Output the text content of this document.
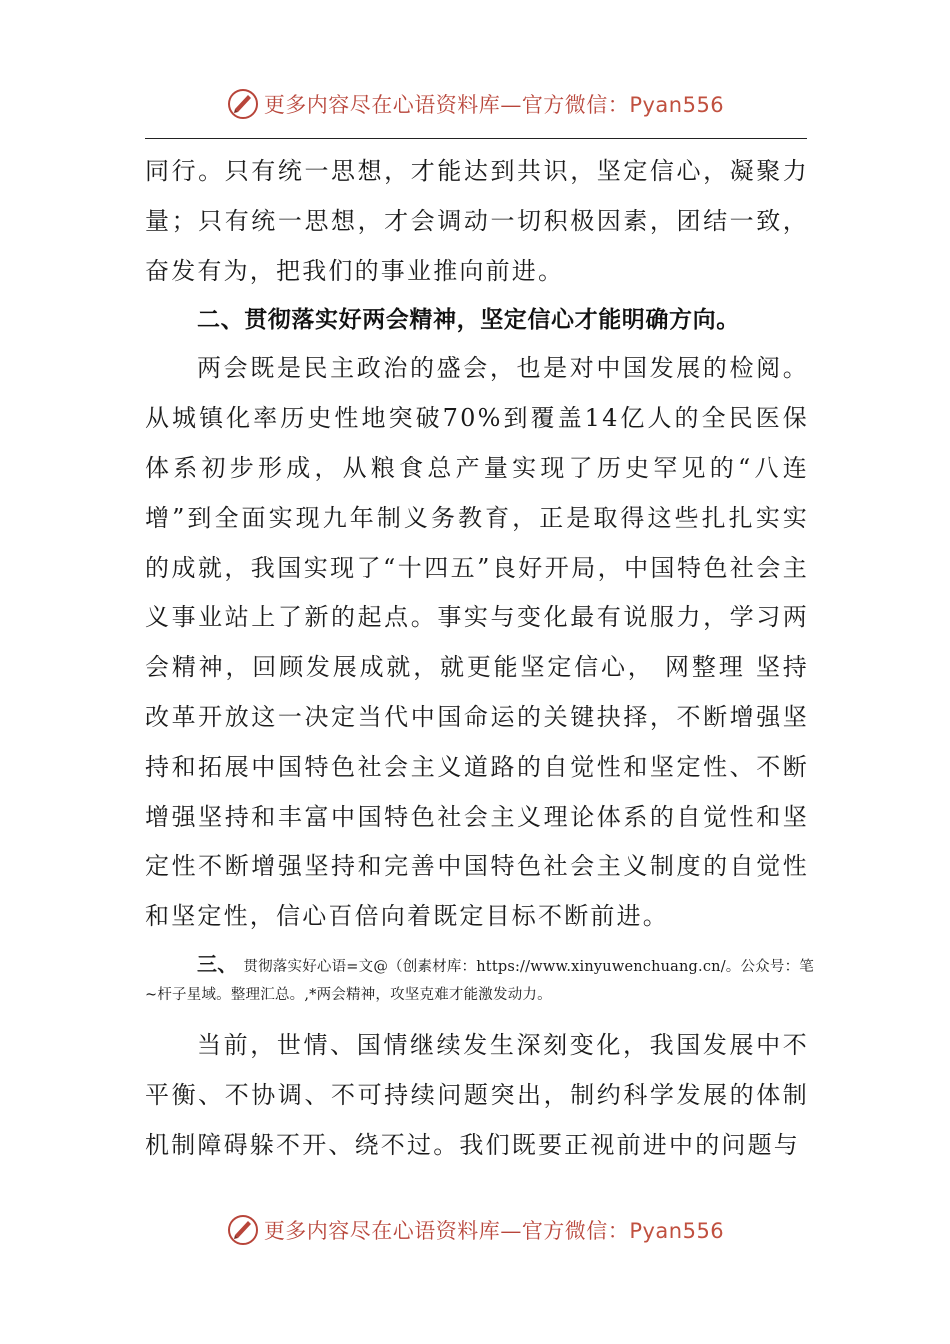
更多内容尽在心语资料库—官方微信：Pyan556

同行。只有统一思想，才能达到共识，坚定信心，凝聚力量；只有统一思想，才会调动一切积极因素，团结一致，奋发有为，把我们的事业推向前进。

二、贯彻落实好两会精神，坚定信心才能明确方向。

两会既是民主政治的盛会，也是对中国发展的检阅。从城镇化率历史性地突破70%到覆盖14亿人的全民医保体系初步形成，从粮食总产量实现了历史罕见的“八连增”到全面实现九年制义务教育，正是取得这些扎扎实实的成就，我国实现了“十四五”良好开局，中国特色社会主义事业站上了新的起点。事实与变化最有说服力，学习两会精神，回顾发展成就，就更能坚定信心， 网整理 坚持改革开放这一决定当代中国命运的关键抉择，不断增强坚持和拓展中国特色社会主义道路的自觉性和坚定性、不断增强坚持和丰富中国特色社会主义理论体系的自觉性和坚定性不断增强坚持和完善中国特色社会主义制度的自觉性和坚定性，信心百倍向着既定目标不断前进。

三、 贯彻落实好心语=文@（创素材库：https://www.xinyuwenchuang.cn/。公众号：笔~杆子星域。整理汇总。,*两会精神，攻坚克难才能激发动力。

当前，世情、国情继续发生深刻变化，我国发展中不平衡、不协调、不可持续问题突出，制约科学发展的体制机制障碍躲不开、绕不过。我们既要正视前进中的问题与

更多内容尽在心语资料库—官方微信：Pyan556
